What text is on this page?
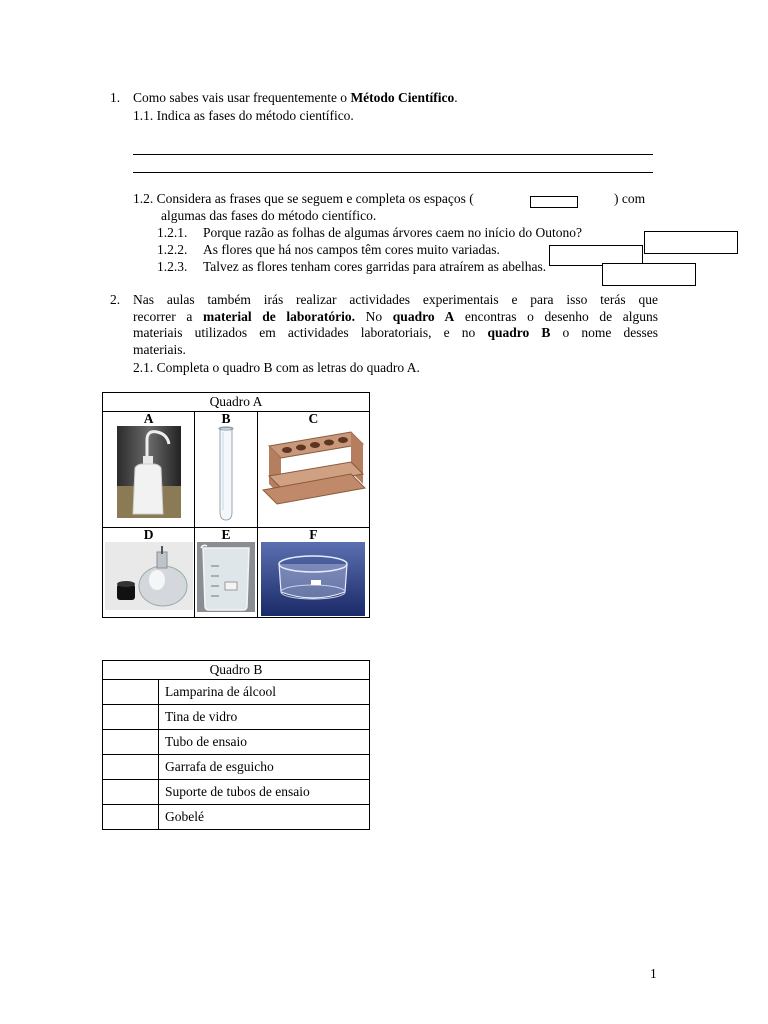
1. Como sabes vais usar frequentemente o Método Científico.
1.1. Indica as fases do método científico.
1.2. Considera as frases que se seguem e completa os espaços (	) com
algumas das fases do método científico.
1.2.1. Porque razão as folhas de algumas árvores caem no início do Outono?
1.2.2. As flores que há nos campos têm cores muito variadas.
1.2.3. Talvez as flores tenham cores garridas para atraírem as abelhas.
2. Nas aulas também irás realizar actividades experimentais e para isso terás que
recorrer a material de laboratório. No quadro A encontras o desenho de alguns
materiais utilizados em actividades laboratoriais, e no quadro B o nome desses
materiais.
2.1. Completa o quadro B com as letras do quadro A.
Quadro A		

A	B	C

D	E	F
Quadro B	
	Lamparina de álcool
	Tina de vidro
	Tubo de ensaio
	Garrafa de esguicho
	Suporte de tubos de ensaio
	Gobelé
1
